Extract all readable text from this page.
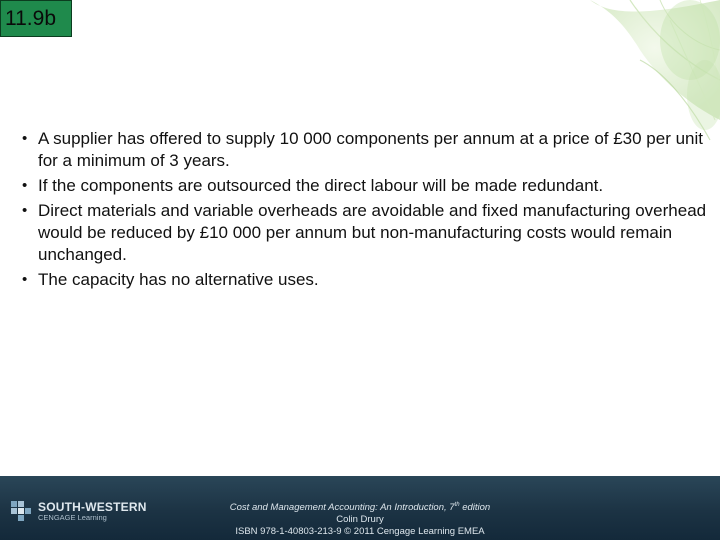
11.9b
• A supplier has offered to supply 10 000 components per annum at a price of £30 per unit for a minimum of 3 years.
• If the components are outsourced the direct labour will be made redundant.
• Direct materials and variable overheads are avoidable and fixed manufacturing overhead would be reduced by £10 000 per annum but non-manufacturing costs would remain unchanged.
• The capacity has no alternative uses.
SOUTH-WESTERN
CENGAGE Learning
Cost and Management Accounting: An Introduction, 7th edition
Colin Drury
ISBN 978-1-40803-213-9 © 2011 Cengage Learning EMEA
